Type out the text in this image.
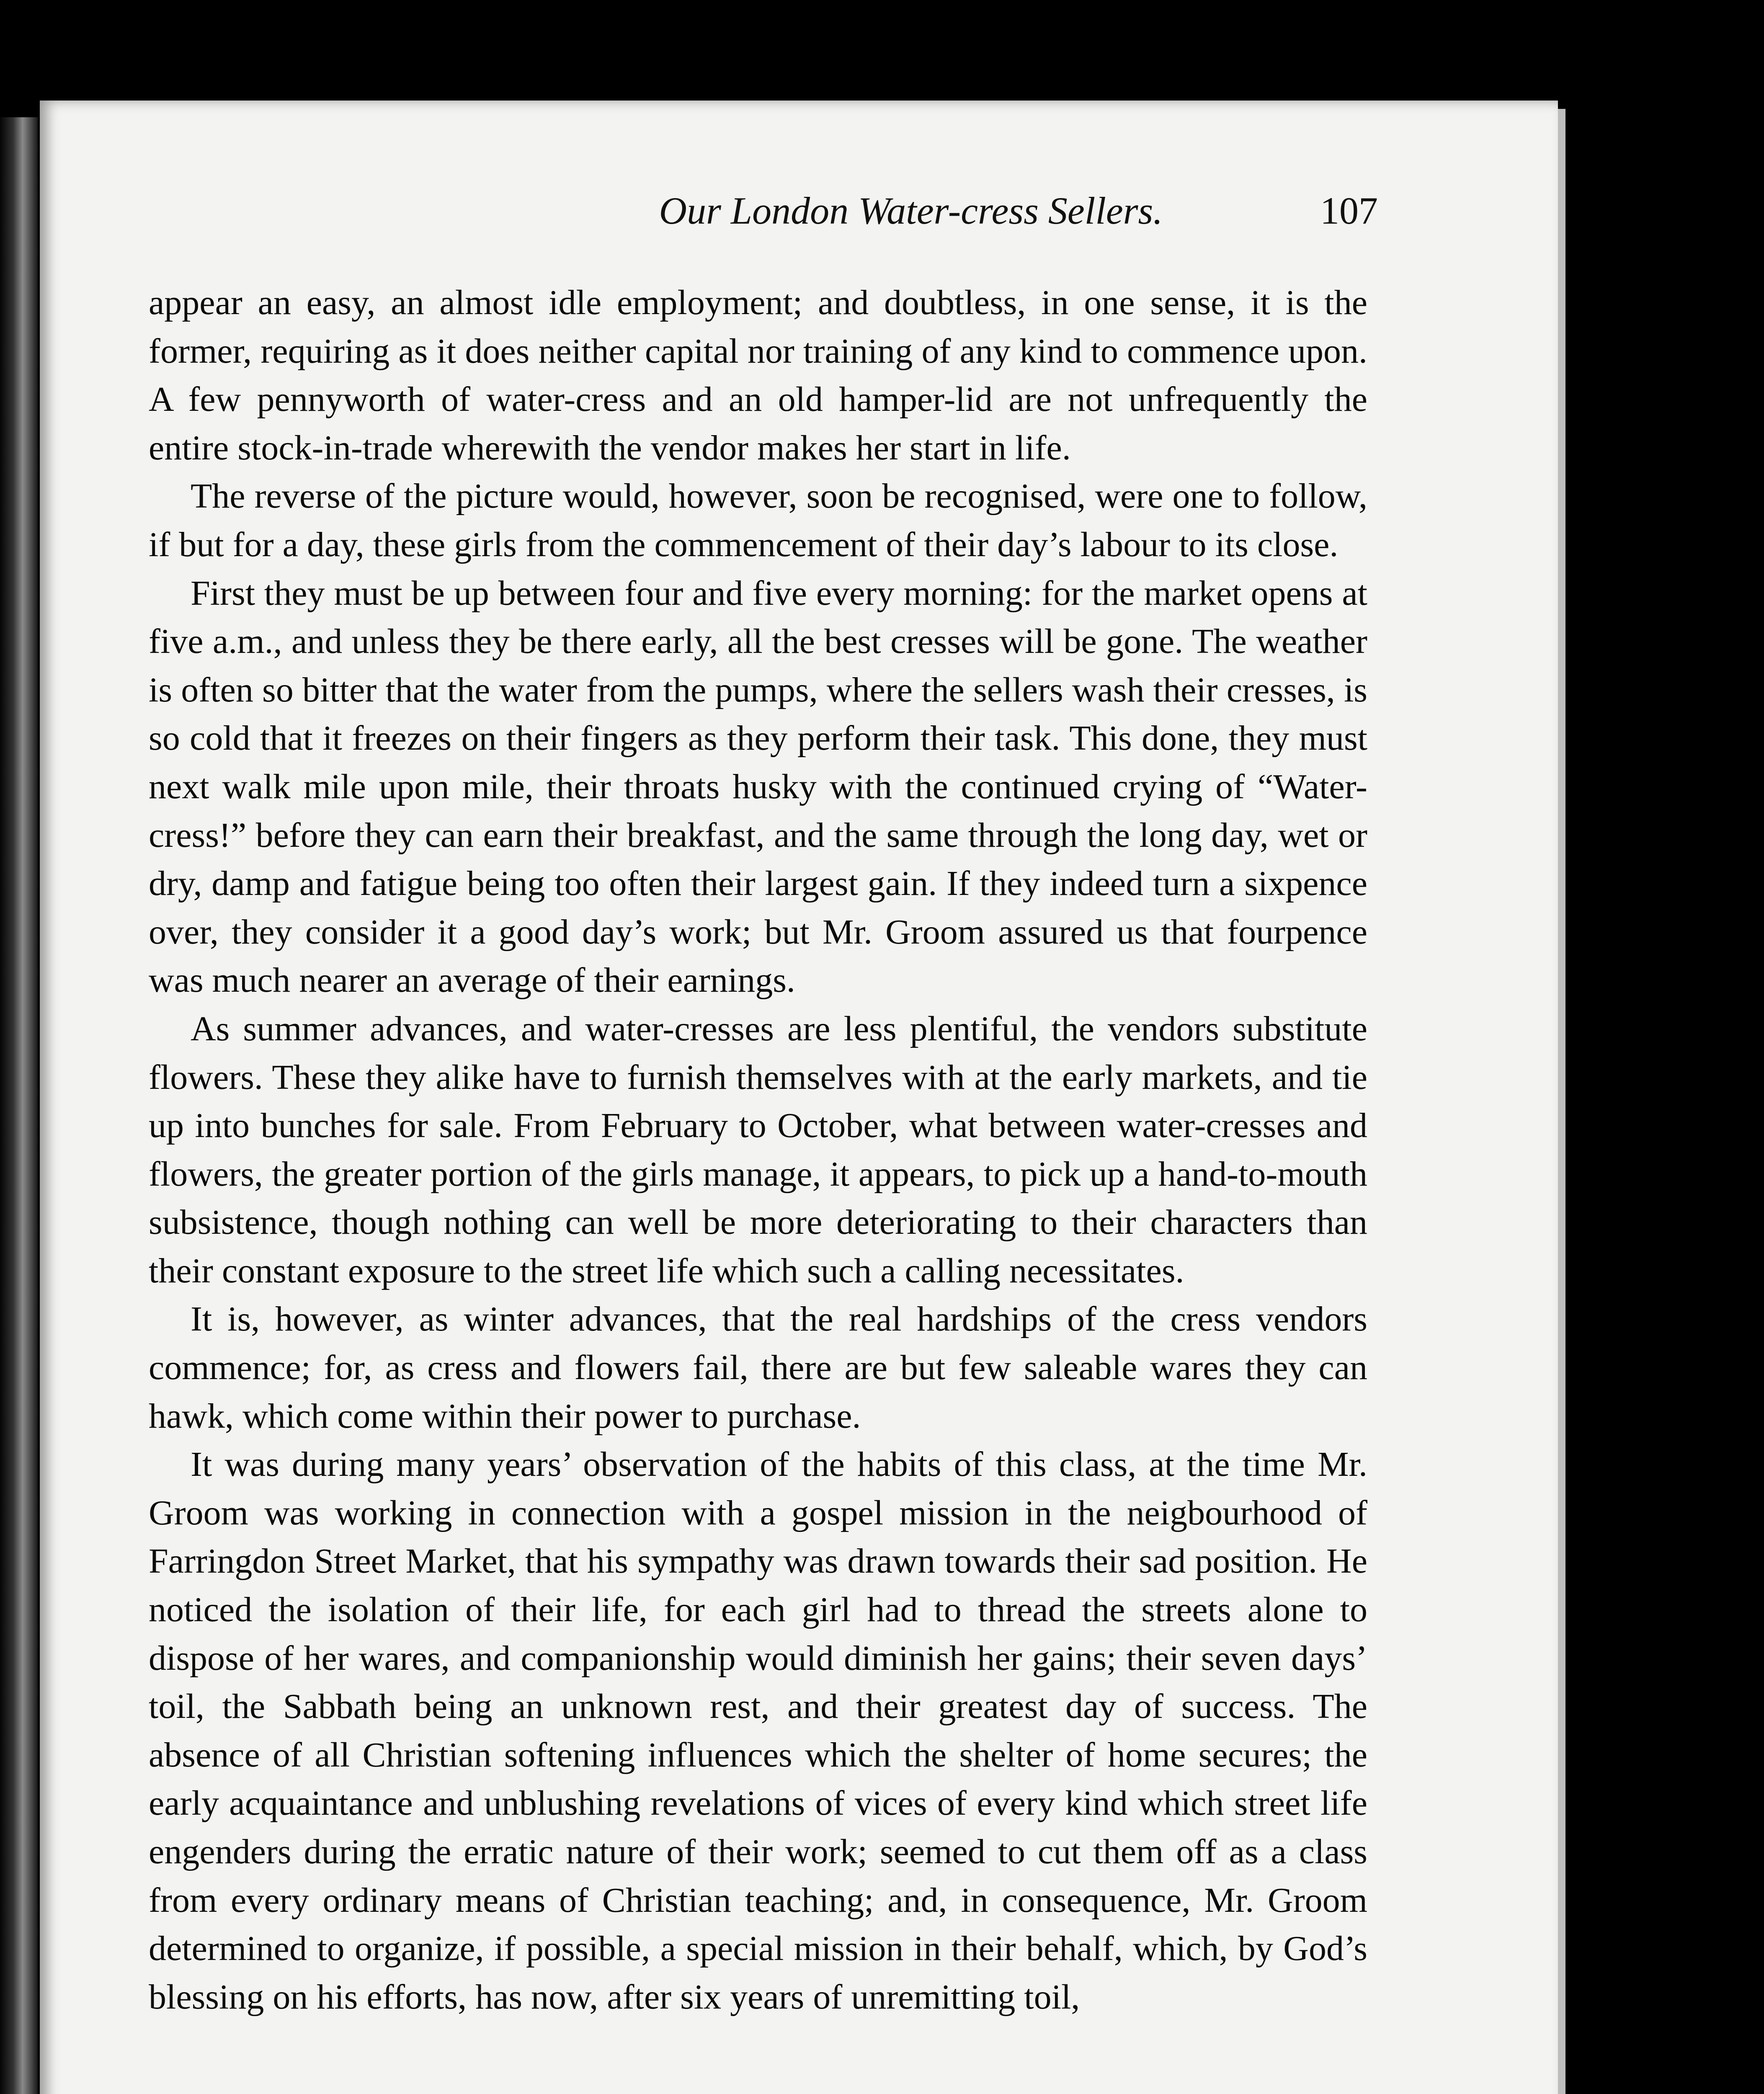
Our London Water-cress Sellers.	107

appear an easy, an almost idle employment; and doubtless, in one sense, it is the former, requiring as it does neither capital nor training of any kind to commence upon. A few pennyworth of water-cress and an old hamper-lid are not unfrequently the entire stock-in-trade wherewith the vendor makes her start in life.

The reverse of the picture would, however, soon be recognised, were one to follow, if but for a day, these girls from the commencement of their day’s labour to its close.

First they must be up between four and five every morning: for the market opens at five a.m., and unless they be there early, all the best cresses will be gone. The weather is often so bitter that the water from the pumps, where the sellers wash their cresses, is so cold that it freezes on their fingers as they perform their task. This done, they must next walk mile upon mile, their throats husky with the continued crying of “Water-cress!” before they can earn their breakfast, and the same through the long day, wet or dry, damp and fatigue being too often their largest gain. If they indeed turn a sixpence over, they consider it a good day’s work; but Mr. Groom assured us that fourpence was much nearer an average of their earnings.

As summer advances, and water-cresses are less plentiful, the vendors substitute flowers. These they alike have to furnish themselves with at the early markets, and tie up into bunches for sale. From February to October, what between water-cresses and flowers, the greater portion of the girls manage, it appears, to pick up a hand-to-mouth subsistence, though nothing can well be more deteriorating to their characters than their constant exposure to the street life which such a calling necessitates.

It is, however, as winter advances, that the real hardships of the cress vendors commence; for, as cress and flowers fail, there are but few saleable wares they can hawk, which come within their power to purchase.

It was during many years’ observation of the habits of this class, at the time Mr. Groom was working in connection with a gospel mission in the neigbourhood of Farringdon Street Market, that his sympathy was drawn towards their sad position. He noticed the isolation of their life, for each girl had to thread the streets alone to dispose of her wares, and companionship would diminish her gains; their seven days’ toil, the Sabbath being an unknown rest, and their greatest day of success. The absence of all Christian softening influences which the shelter of home secures; the early acquaintance and unblushing revelations of vices of every kind which street life engenders during the erratic nature of their work; seemed to cut them off as a class from every ordinary means of Christian teaching; and, in consequence, Mr. Groom determined to organize, if possible, a special mission in their behalf, which, by God’s blessing on his efforts, has now, after six years of unremitting toil,
